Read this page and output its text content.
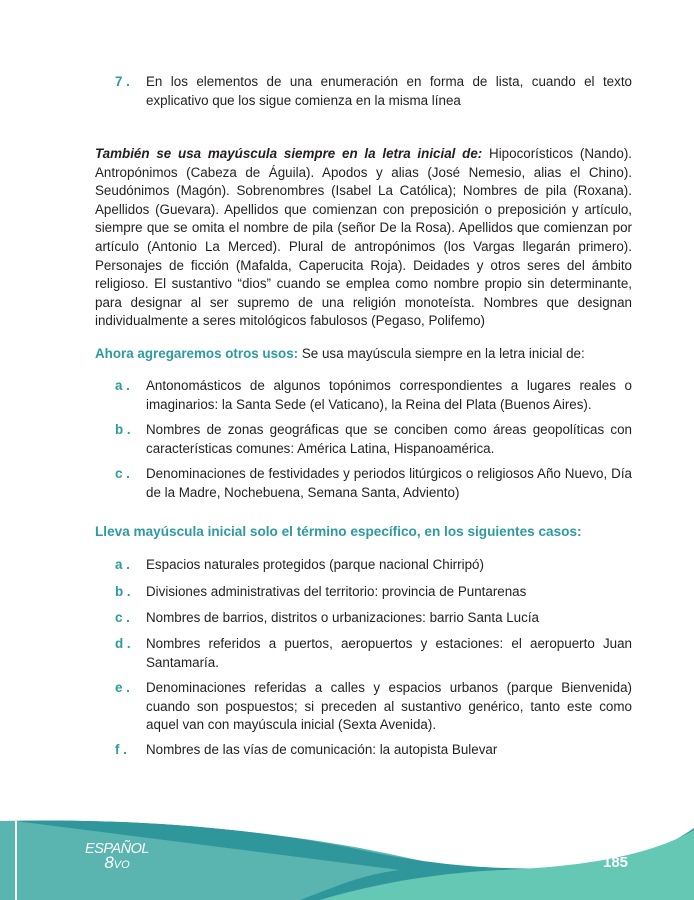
7 .	En los elementos de una enumeración en forma de lista, cuando el texto explicativo que los sigue comienza en la misma línea
También se usa mayúscula siempre en la letra inicial de: Hipocorísticos (Nando). Antropónimos (Cabeza de Águila). Apodos y alias (José Nemesio, alias el Chino). Seudónimos (Magón). Sobrenombres (Isabel La Católica); Nombres de pila (Roxana). Apellidos (Guevara). Apellidos que comienzan con preposición o preposición y artículo, siempre que se omita el nombre de pila (señor De la Rosa). Apellidos que comienzan por artículo (Antonio La Merced). Plural de antropónimos (los Vargas llegarán primero). Personajes de ficción (Mafalda, Caperucita Roja). Deidades y otros seres del ámbito religioso. El sustantivo “dios” cuando se emplea como nombre propio sin determinante, para designar al ser supremo de una religión monoteísta. Nombres que designan individualmente a seres mitológicos fabulosos (Pegaso, Polifemo)
Ahora agregaremos otros usos: Se usa mayúscula siempre en la letra inicial de:
a .	Antonomásticos de algunos topónimos correspondientes a lugares reales o imaginarios: la Santa Sede (el Vaticano), la Reina del Plata (Buenos Aires).
b .	Nombres de zonas geográficas que se conciben como áreas geopolíticas con características comunes: América Latina, Hispanoamérica.
c .	Denominaciones de festividades y periodos litúrgicos o religiosos Año Nuevo, Día de la Madre, Nochebuena, Semana Santa, Adviento)
Lleva mayúscula inicial solo el término específico, en los siguientes casos:
a .	Espacios naturales protegidos (parque nacional Chirripó)
b .	Divisiones administrativas del territorio: provincia de Puntarenas
c .	Nombres de barrios, distritos o urbanizaciones: barrio Santa Lucía
d .	Nombres referidos a puertos, aeropuertos y estaciones: el aeropuerto Juan Santamaría.
e .	Denominaciones referidas a calles y espacios urbanos (parque Bienvenida) cuando son pospuestos; si preceden al sustantivo genérico, tanto este como aquel van con mayúscula inicial (Sexta Avenida).
f .	Nombres de las vías de comunicación: la autopista Bulevar
ESPAÑOL
8VO	185
